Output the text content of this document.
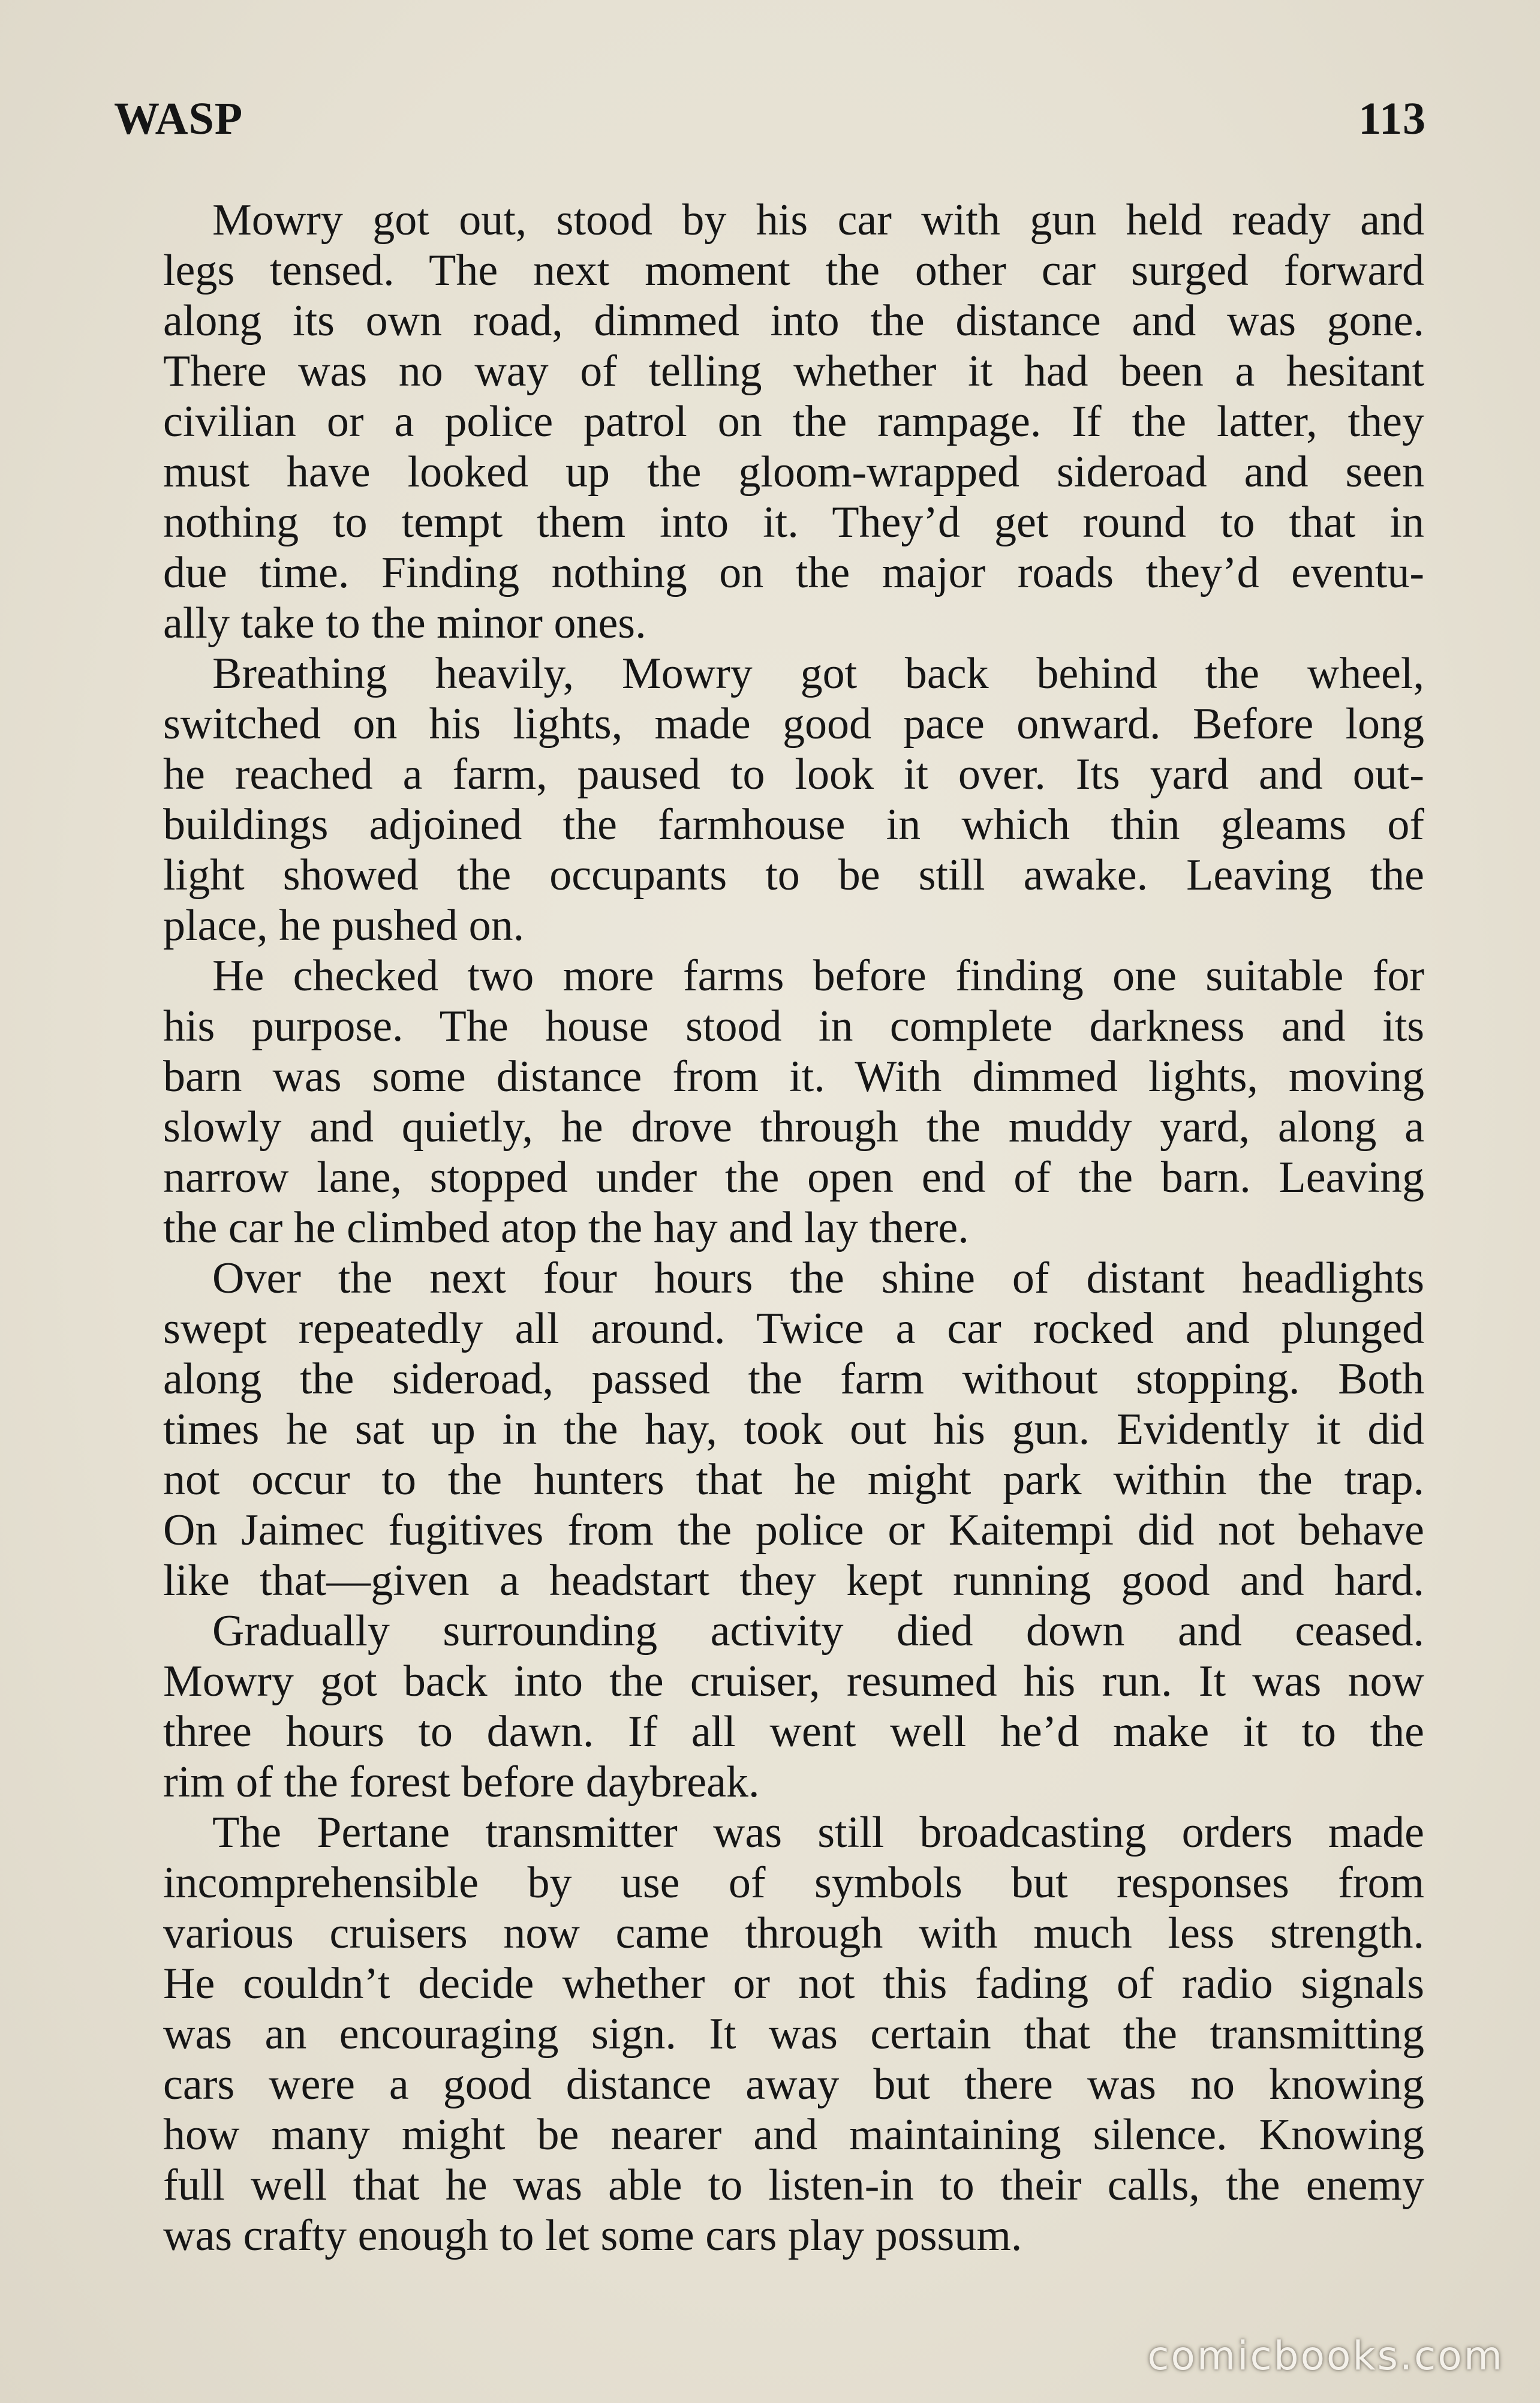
WASP	113
Mowry got out, stood by his car with gun held ready and
legs tensed. The next moment the other car surged forward
along its own road, dimmed into the distance and was gone.
There was no way of telling whether it had been a hesitant
civilian or a police patrol on the rampage. If the latter, they
must have looked up the gloom-wrapped sideroad and seen
nothing to tempt them into it. They’d get round to that in
due time. Finding nothing on the major roads they’d eventu-
ally take to the minor ones.
Breathing heavily, Mowry got back behind the wheel,
switched on his lights, made good pace onward. Before long
he reached a farm, paused to look it over. Its yard and out-
buildings adjoined the farmhouse in which thin gleams of
light showed the occupants to be still awake. Leaving the
place, he pushed on.
He checked two more farms before finding one suitable for
his purpose. The house stood in complete darkness and its
barn was some distance from it. With dimmed lights, moving
slowly and quietly, he drove through the muddy yard, along a
narrow lane, stopped under the open end of the barn. Leaving
the car he climbed atop the hay and lay there.
Over the next four hours the shine of distant headlights
swept repeatedly all around. Twice a car rocked and plunged
along the sideroad, passed the farm without stopping. Both
times he sat up in the hay, took out his gun. Evidently it did
not occur to the hunters that he might park within the trap.
On Jaimec fugitives from the police or Kaitempi did not behave
like that—given a headstart they kept running good and hard.
Gradually surrounding activity died down and ceased.
Mowry got back into the cruiser, resumed his run. It was now
three hours to dawn. If all went well he’d make it to the
rim of the forest before daybreak.
The Pertane transmitter was still broadcasting orders made
incomprehensible by use of symbols but responses from
various cruisers now came through with much less strength.
He couldn’t decide whether or not this fading of radio signals
was an encouraging sign. It was certain that the transmitting
cars were a good distance away but there was no knowing
how many might be nearer and maintaining silence. Knowing
full well that he was able to listen-in to their calls, the enemy
was crafty enough to let some cars play possum.
comicbooks.com
